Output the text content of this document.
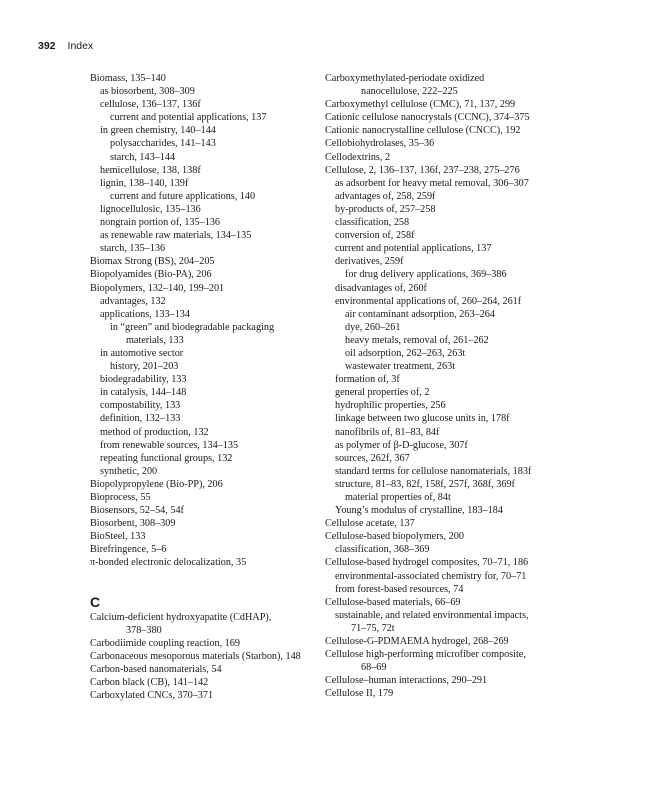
392 Index
Biomass, 135–140
as biosorbent, 308–309
cellulose, 136–137, 136f
current and potential applications, 137
in green chemistry, 140–144
polysaccharides, 141–143
starch, 143–144
hemicellulose, 138, 138f
lignin, 138–140, 139f
current and future applications, 140
lignocellulosic, 135–136
nongrain portion of, 135–136
as renewable raw materials, 134–135
starch, 135–136
Biomax Strong (BS), 204–205
Biopolyamides (Bio-PA), 206
Biopolymers, 132–140, 199–201
advantages, 132
applications, 133–134
in “green” and biodegradable packaging
materials, 133
in automotive sector
history, 201–203
biodegradability, 133
in catalysis, 144–148
compostability, 133
definition, 132–133
method of production, 132
from renewable sources, 134–135
repeating functional groups, 132
synthetic, 200
Biopolypropylene (Bio-PP), 206
Bioprocess, 55
Biosensors, 52–54, 54f
Biosorbent, 308–309
BioSteel, 133
Birefringence, 5–6
π-bonded electronic delocalization, 35
C
Calcium-deficient hydroxyapatite (CdHAP),
378–380
Carbodiimide coupling reaction, 169
Carbonaceous mesoporous materials (Starbon), 148
Carbon-based nanomaterials, 54
Carbon black (CB), 141–142
Carboxylated CNCs, 370–371
Carboxymethylated-periodate oxidized
nanocellulose, 222–225
Carboxymethyl cellulose (CMC), 71, 137, 299
Cationic cellulose nanocrystals (CCNC), 374–375
Cationic nanocrystalline cellulose (CNCC), 192
Cellobiohydrolases, 35–36
Cellodextrins, 2
Cellulose, 2, 136–137, 136f, 237–238, 275–276
as adsorbent for heavy metal removal, 306–307
advantages of, 258, 259f
by-products of, 257–258
classification, 258
conversion of, 258f
current and potential applications, 137
derivatives, 259f
for drug delivery applications, 369–386
disadvantages of, 260f
environmental applications of, 260–264, 261f
air contaminant adsorption, 263–264
dye, 260–261
heavy metals, removal of, 261–262
oil adsorption, 262–263, 263t
wastewater treatment, 263t
formation of, 3f
general properties of, 2
hydrophilic properties, 256
linkage between two glucose units in, 178f
nanofibrils of, 81–83, 84f
as polymer of β-D-glucose, 307f
sources, 262f, 367
standard terms for cellulose nanomaterials, 183f
structure, 81–83, 82f, 158f, 257f, 368f, 369f
material properties of, 84t
Young’s modulus of crystalline, 183–184
Cellulose acetate, 137
Cellulose-based biopolymers, 200
classification, 368–369
Cellulose-based hydrogel composites, 70–71, 186
environmental-associated chemistry for, 70–71
from forest-based resources, 74
Cellulose-based materials, 66–69
sustainable, and related environmental impacts,
71–75, 72t
Cellulose-G-PDMAEMA hydrogel, 268–269
Cellulose high-performing microfiber composite,
68–69
Cellulose–human interactions, 290–291
Cellulose II, 179
